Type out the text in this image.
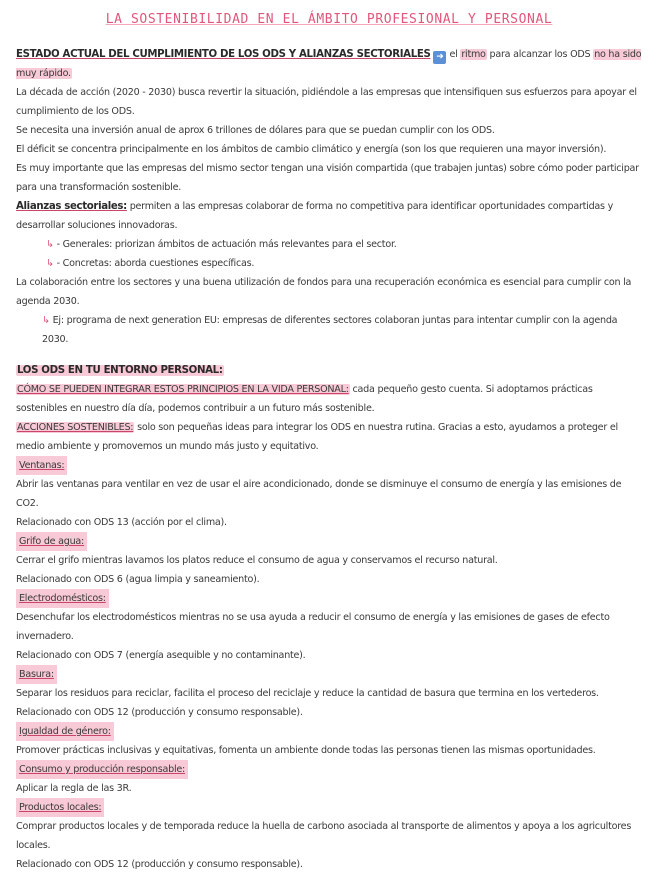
LA SOSTENIBILIDAD EN EL ÁMBITO PROFESIONAL Y PERSONAL

ESTADO ACTUAL DEL CUMPLIMIENTO DE LOS ODS Y ALIANZAS SECTORIALES ➜ el ritmo para alcanzar los ODS no ha sido muy rápido.

La década de acción (2020 - 2030) busca revertir la situación, pidiéndole a las empresas que intensifiquen sus esfuerzos para apoyar el cumplimiento de los ODS.

Se necesita una inversión anual de aprox 6 trillones de dólares para que se puedan cumplir con los ODS.

El déficit se concentra principalmente en los ámbitos de cambio climático y energía (son los que requieren una mayor inversión).

Es muy importante que las empresas del mismo sector tengan una visión compartida (que trabajen juntas) sobre cómo poder participar para una transformación sostenible.

Alianzas sectoriales: permiten a las empresas colaborar de forma no competitiva para identificar oportunidades compartidas y desarrollar soluciones innovadoras.

↳ - Generales: priorizan ámbitos de actuación más relevantes para el sector.

↳ - Concretas: aborda cuestiones específicas.

La colaboración entre los sectores y una buena utilización de fondos para una recuperación económica es esencial para cumplir con la agenda 2030.

↳ Ej: programa de next generation EU: empresas de diferentes sectores colaboran juntas para intentar cumplir con la agenda 2030.

LOS ODS EN TU ENTORNO PERSONAL:

CÓMO SE PUEDEN INTEGRAR ESTOS PRINCIPIOS EN LA VIDA PERSONAL: cada pequeño gesto cuenta. Si adoptamos prácticas sostenibles en nuestro día día, podemos contribuir a un futuro más sostenible.

ACCIONES SOSTENIBLES: solo son pequeñas ideas para integrar los ODS en nuestra rutina. Gracias a esto, ayudamos a proteger el medio ambiente y promovemos un mundo más justo y equitativo.

Ventanas:

Abrir las ventanas para ventilar en vez de usar el aire acondicionado, donde se disminuye el consumo de energía y las emisiones de CO2.

Relacionado con ODS 13 (acción por el clima).

Grifo de agua:

Cerrar el grifo mientras lavamos los platos reduce el consumo de agua y conservamos el recurso natural.

Relacionado con ODS 6 (agua limpia y saneamiento).

Electrodomésticos:

Desenchufar los electrodomésticos mientras no se usa ayuda a reducir el consumo de energía y las emisiones de gases de efecto invernadero.

Relacionado con ODS 7 (energía asequible y no contaminante).

Basura:

Separar los residuos para reciclar, facilita el proceso del reciclaje y reduce la cantidad de basura que termina en los vertederos.

Relacionado con ODS 12 (producción y consumo responsable).

Igualdad de género:

Promover prácticas inclusivas y equitativas, fomenta un ambiente donde todas las personas tienen las mismas oportunidades.

Consumo y producción responsable:

Aplicar la regla de las 3R.

Productos locales:

Comprar productos locales y de temporada reduce la huella de carbono asociada al transporte de alimentos y apoya a los agricultores locales.

Relacionado con ODS 12 (producción y consumo responsable).
